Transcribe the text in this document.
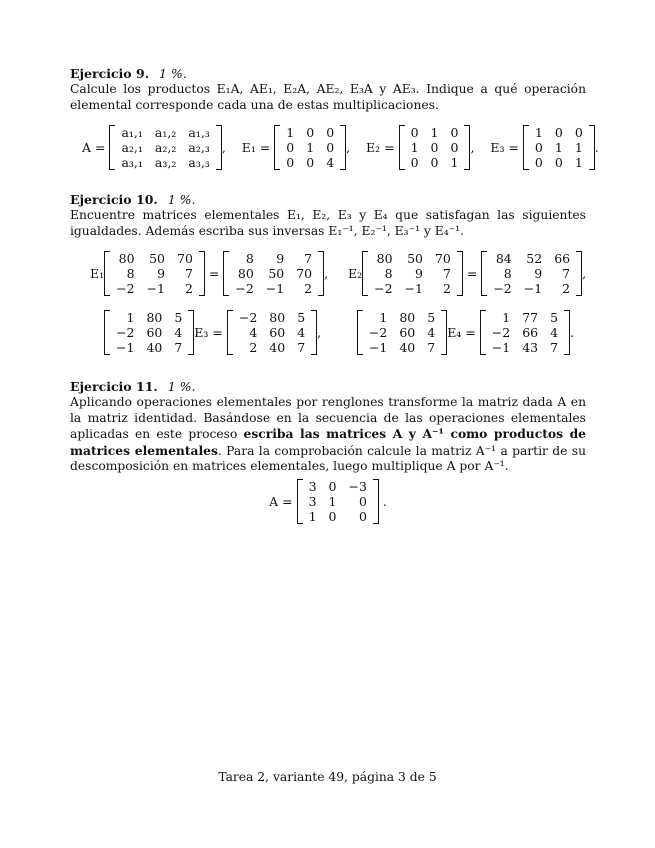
Ejercicio 9. 1 %.

Calcule los productos E₁A, AE₁, E₂A, AE₂, E₃A y AE₃. Indique a qué operación elemental corresponde cada una de estas multiplicaciones.

A =

a₁,₁	a₁,₂	a₁,₃
a₂,₁	a₂,₂	a₂,₃
a₃,₁	a₃,₂	a₃,₃
, E₁ =

1	0	0
0	1	0
0	0	4
, E₂ =

0	1	0
1	0	0
0	0	1
, E₃ =

1	0	0
0	1	1
0	0	1
.
Ejercicio 10. 1 %.

Encuentre matrices elementales E₁, E₂, E₃ y E₄ que satisfagan las siguientes igualdades. Además escriba sus inversas E₁⁻¹, E₂⁻¹, E₃⁻¹ y E₄⁻¹.

E₁
80	50	70
8	9	7
−2	−1	2
=
8	9	7
80	50	70
−2	−1	2
, E₂
80	50	70
8	9	7
−2	−1	2
=
84	52	66
8	9	7
−2	−1	2
,
1	80	5
−2	60	4
−1	40	7
E₃ =
−2	80	5
4	60	4
2	40	7
,
1	80	5
−2	60	4
−1	40	7
E₄ =
1	77	5
−2	66	4
−1	43	7
.
Ejercicio 11. 1 %.

Aplicando operaciones elementales por renglones transforme la matriz dada A en la matriz identidad. Basándose en la secuencia de las operaciones elementales aplicadas en este proceso escriba las matrices A y A⁻¹ como productos de matrices elementales. Para la comprobación calcule la matriz A⁻¹ a partir de su descomposición en matrices elementales, luego multiplique A por A⁻¹.

A =

3	0	−3
3	1	0
1	0	0
.
Tarea 2, variante 49, página 3 de 5
